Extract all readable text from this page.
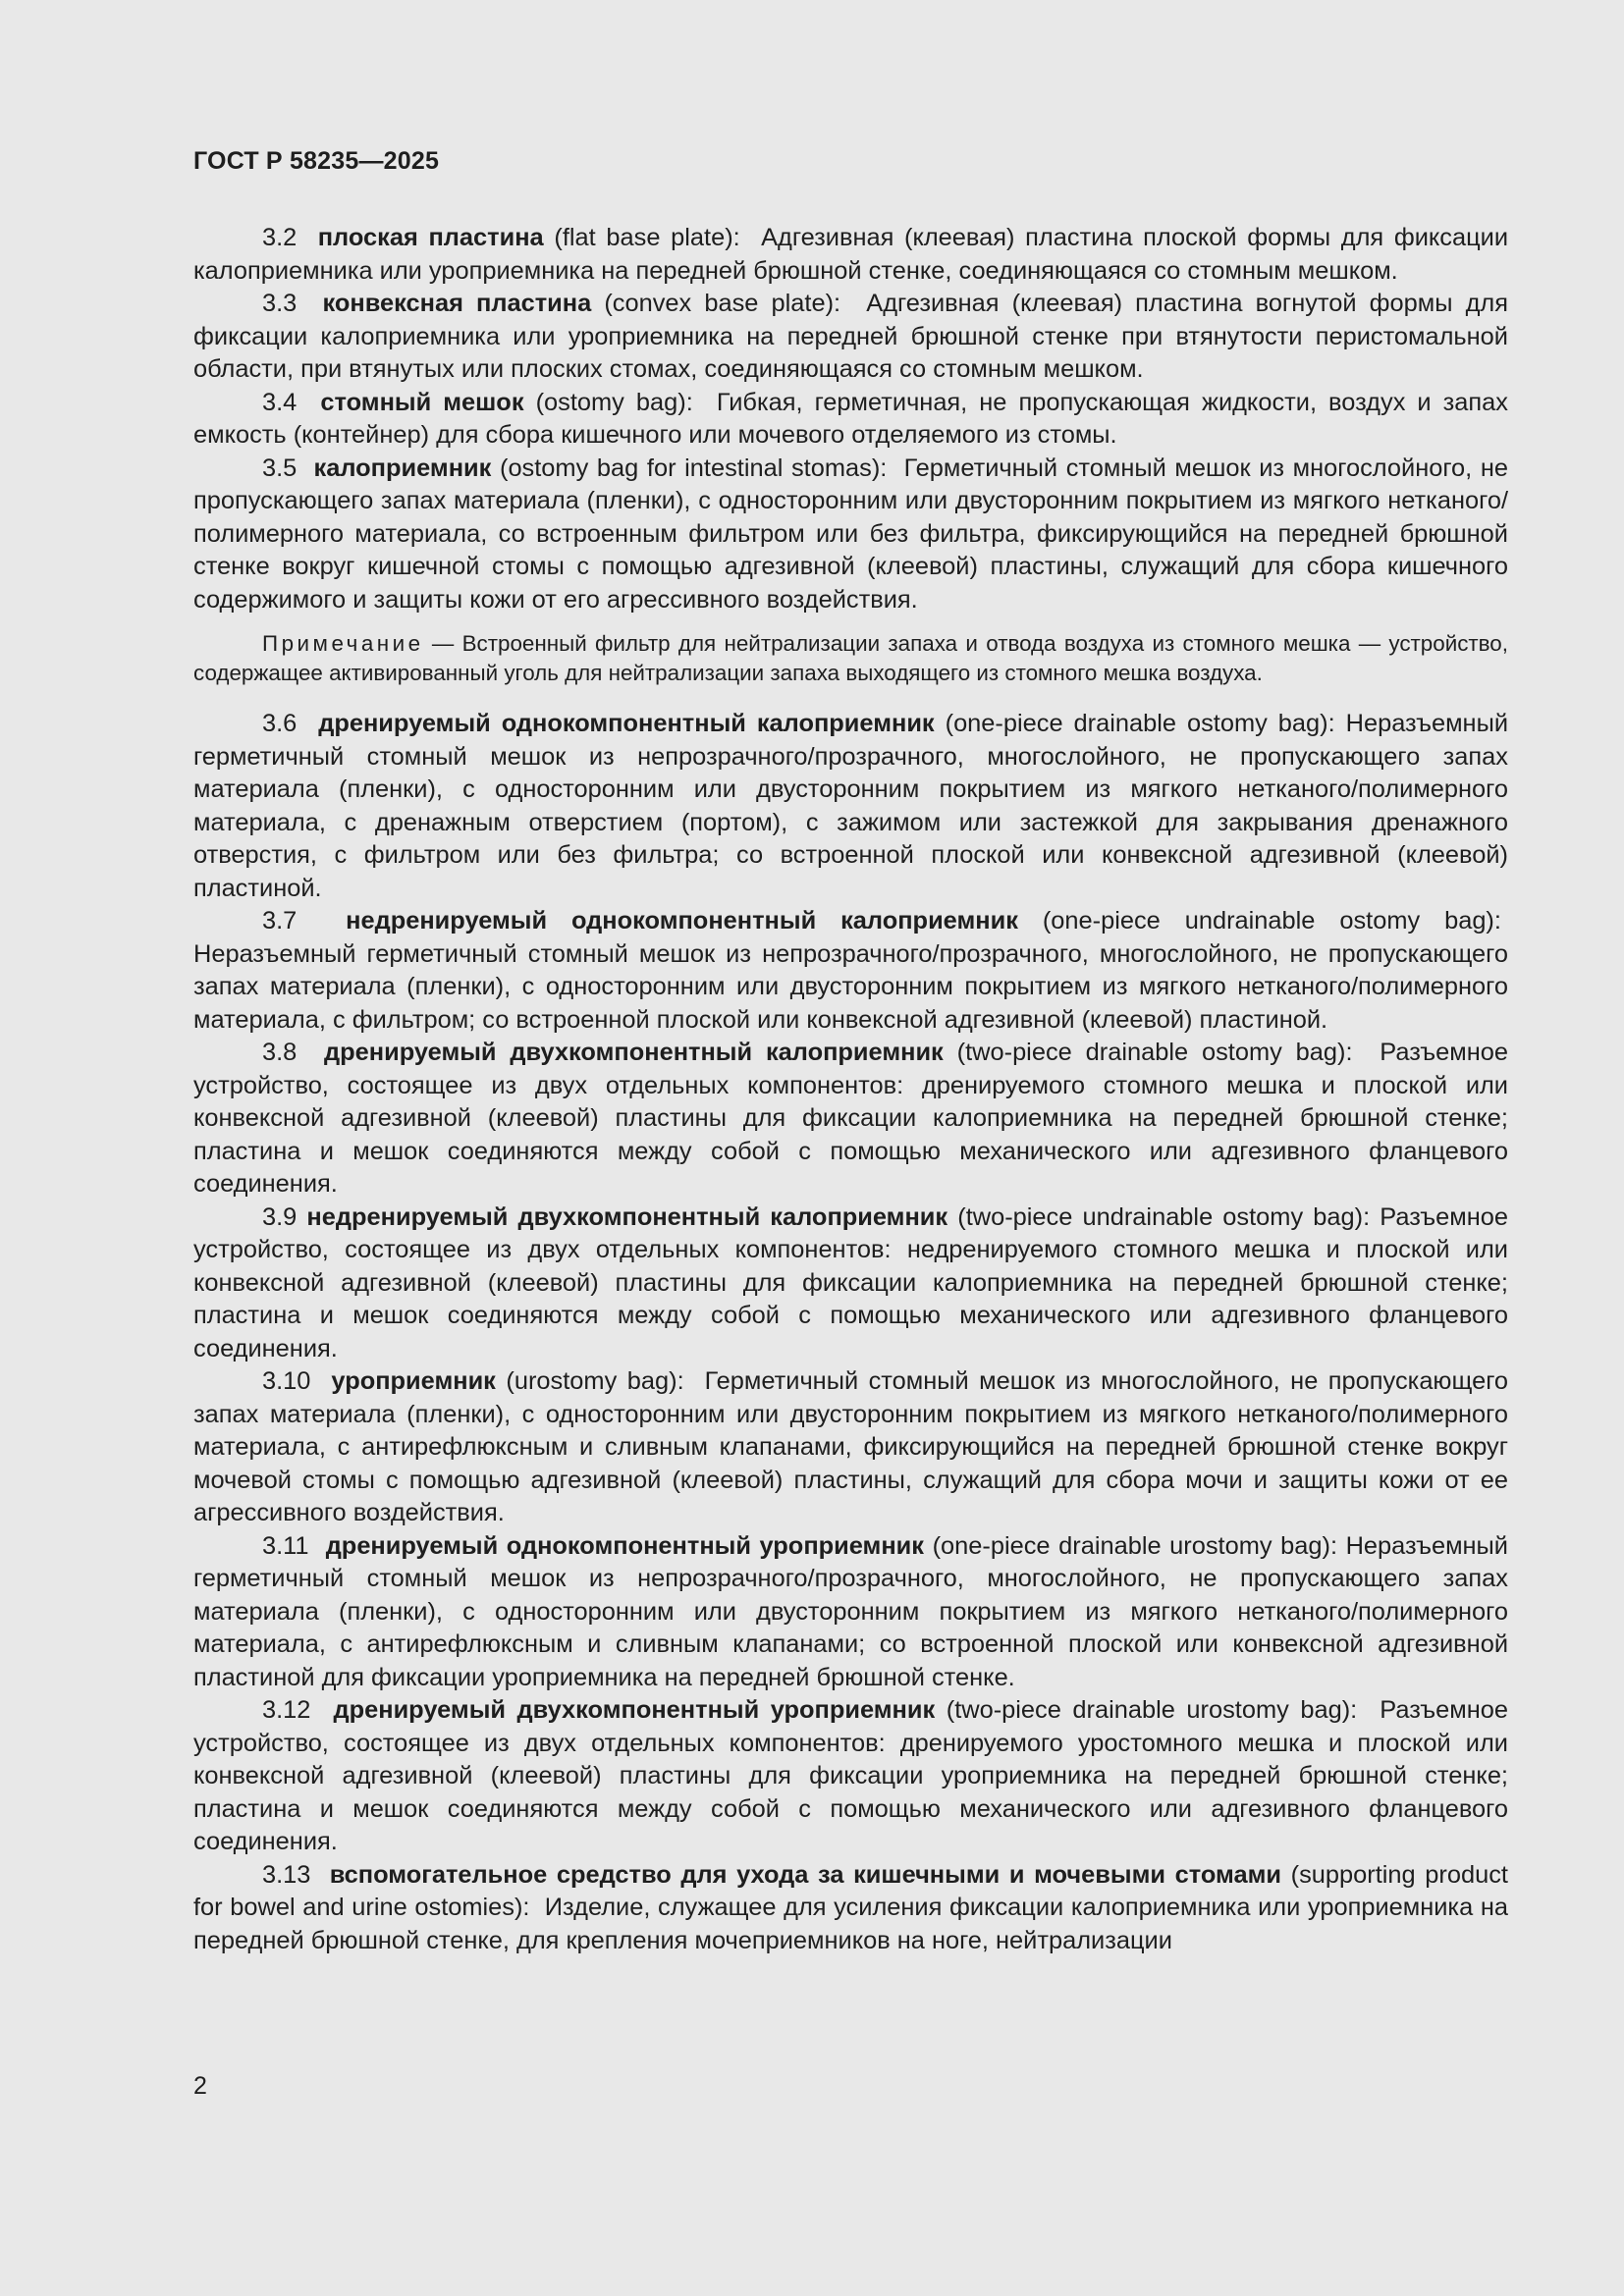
ГОСТ Р 58235—2025

3.2 плоская пластина (flat base plate): Адгезивная (клеевая) пластина плоской формы для фиксации калоприемника или уроприемника на передней брюшной стенке, соединяющаяся со стомным мешком.

3.3 конвексная пластина (convex base plate): Адгезивная (клеевая) пластина вогнутой формы для фиксации калоприемника или уроприемника на передней брюшной стенке при втянутости перистомальной области, при втянутых или плоских стомах, соединяющаяся со стомным мешком.

3.4 стомный мешок (ostomy bag): Гибкая, герметичная, не пропускающая жидкости, воздух и запах емкость (контейнер) для сбора кишечного или мочевого отделяемого из стомы.

3.5 калоприемник (ostomy bag for intestinal stomas): Герметичный стомный мешок из многослойного, не пропускающего запах материала (пленки), с односторонним или двусторонним покрытием из мягкого нетканого/полимерного материала, со встроенным фильтром или без фильтра, фиксирующийся на передней брюшной стенке вокруг кишечной стомы с помощью адгезивной (клеевой) пластины, служащий для сбора кишечного содержимого и защиты кожи от его агрессивного воздействия.

Примечание — Встроенный фильтр для нейтрализации запаха и отвода воздуха из стомного мешка — устройство, содержащее активированный уголь для нейтрализации запаха выходящего из стомного мешка воздуха.

3.6 дренируемый однокомпонентный калоприемник (one-piece drainable ostomy bag): Неразъемный герметичный стомный мешок из непрозрачного/прозрачного, многослойного, не пропускающего запах материала (пленки), с односторонним или двусторонним покрытием из мягкого нетканого/полимерного материала, с дренажным отверстием (портом), с зажимом или застежкой для закрывания дренажного отверстия, с фильтром или без фильтра; со встроенной плоской или конвексной адгезивной (клеевой) пластиной.

3.7 недренируемый однокомпонентный калоприемник (one-piece undrainable ostomy bag):  Неразъемный герметичный стомный мешок из непрозрачного/прозрачного, многослойного, не пропускающего запах материала (пленки), с односторонним или двусторонним покрытием из мягкого нетканого/полимерного материала, с фильтром; со встроенной плоской или конвексной адгезивной (клеевой) пластиной.

3.8 дренируемый двухкомпонентный калоприемник (two-piece drainable ostomy bag): Разъемное устройство, состоящее из двух отдельных компонентов: дренируемого стомного мешка и плоской или конвексной адгезивной (клеевой) пластины для фиксации калоприемника на передней брюшной стенке; пластина и мешок соединяются между собой с помощью механического или адгезивного фланцевого соединения.

3.9 недренируемый двухкомпонентный калоприемник (two-piece undrainable ostomy bag): Разъемное устройство, состоящее из двух отдельных компонентов: недренируемого стомного мешка и плоской или конвексной адгезивной (клеевой) пластины для фиксации калоприемника на передней брюшной стенке; пластина и мешок соединяются между собой с помощью механического или адгезивного фланцевого соединения.

3.10 уроприемник (urostomy bag): Герметичный стомный мешок из многослойного, не пропускающего запах материала (пленки), с односторонним или двусторонним покрытием из мягкого нетканого/полимерного материала, с антирефлюксным и сливным клапанами, фиксирующийся на передней брюшной стенке вокруг мочевой стомы с помощью адгезивной (клеевой) пластины, служащий для сбора мочи и защиты кожи от ее агрессивного воздействия.

3.11 дренируемый однокомпонентный уроприемник (one-piece drainable urostomy bag): Неразъемный герметичный стомный мешок из непрозрачного/прозрачного, многослойного, не пропускающего запах материала (пленки), с односторонним или двусторонним покрытием из мягкого нетканого/полимерного материала, с антирефлюксным и сливным клапанами; со встроенной плоской или конвексной адгезивной пластиной для фиксации уроприемника на передней брюшной стенке.

3.12 дренируемый двухкомпонентный уроприемник (two-piece drainable urostomy bag): Разъемное устройство, состоящее из двух отдельных компонентов: дренируемого уростомного мешка и плоской или конвексной адгезивной (клеевой) пластины для фиксации уроприемника на передней брюшной стенке; пластина и мешок соединяются между собой с помощью механического или адгезивного фланцевого соединения.

3.13 вспомогательное средство для ухода за кишечными и мочевыми стомами (supporting product for bowel and urine ostomies): Изделие, служащее для усиления фиксации калоприемника или уроприемника на передней брюшной стенке, для крепления мочеприемников на ноге, нейтрализации

2
